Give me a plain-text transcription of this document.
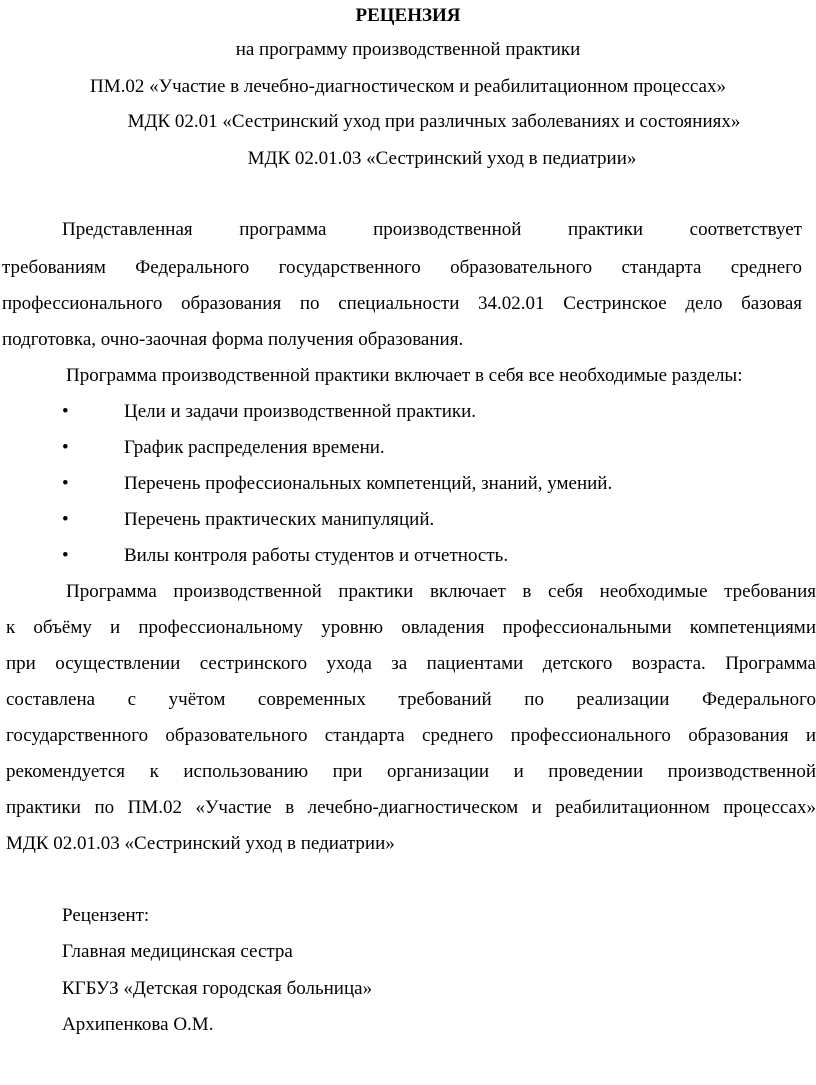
РЕЦЕНЗИЯ
на программу производственной практики
ПМ.02 «Участие в лечебно-диагностическом и реабилитационном процессах»
МДК 02.01 «Сестринский уход при различных заболеваниях и состояниях»
МДК 02.01.03 «Сестринский уход в педиатрии»
Представленная программа производственной практики соответствует
требованиям Федерального государственного образовательного стандарта среднего
профессионального образования по специальности 34.02.01 Сестринское дело базовая
подготовка, очно-заочная форма получения образования.
Программа производственной практики включает в себя все необходимые разделы:
•	Цели и задачи производственной практики.
•	График распределения времени.
•	Перечень профессиональных компетенций, знаний, умений.
•	Перечень практических манипуляций.
•	Вилы контроля работы студентов и отчетность.
Программа производственной практики включает в себя необходимые требования
к объёму и профессиональному уровню овладения профессиональными компетенциями
при осуществлении сестринского ухода за пациентами детского возраста. Программа
составлена с учётом современных требований по реализации Федерального
государственного образовательного стандарта среднего профессионального образования и
рекомендуется к использованию при организации и проведении производственной
практики по ПМ.02 «Участие в лечебно-диагностическом и реабилитационном процессах»
МДК 02.01.03 «Сестринский уход в педиатрии»
Рецензент:
Главная медицинская сестра
КГБУЗ «Детская городская больница»
Архипенкова О.М.
